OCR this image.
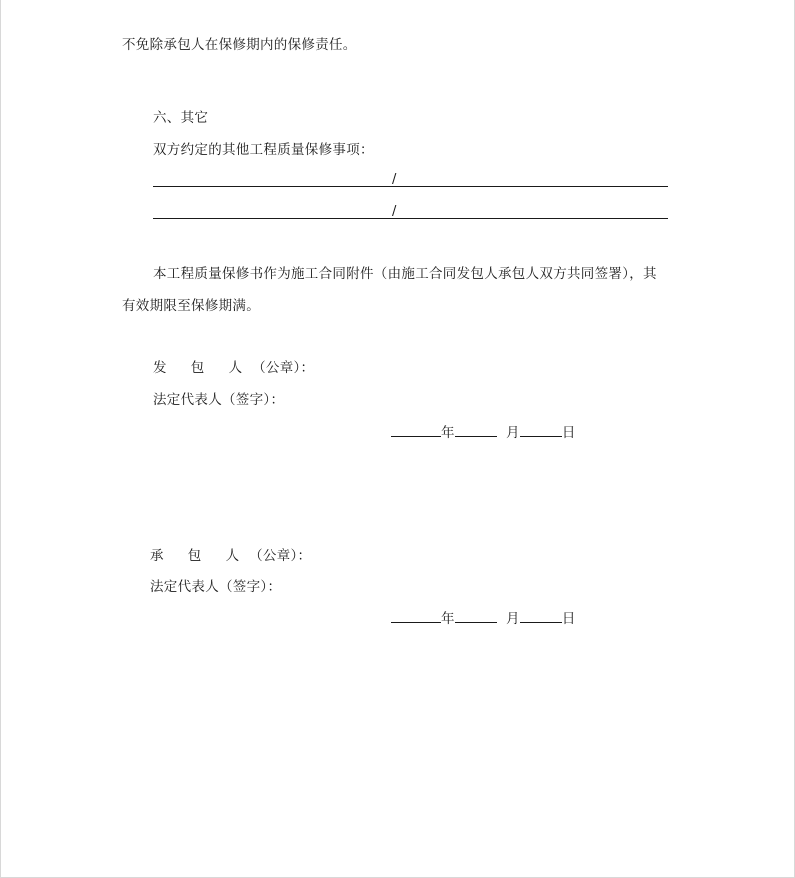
不免除承包人在保修期内的保修责任。
六、其它
双方约定的其他工程质量保修事项：
/
/
本工程质量保修书作为施工合同附件（由施工合同发包人承包人双方共同签署），其
有效期限至保修期满。
发 包 人（公章）：
法定代表人（签字）：
年	月	日
承 包 人（公章）：
法定代表人（签字）：
年	月	日
